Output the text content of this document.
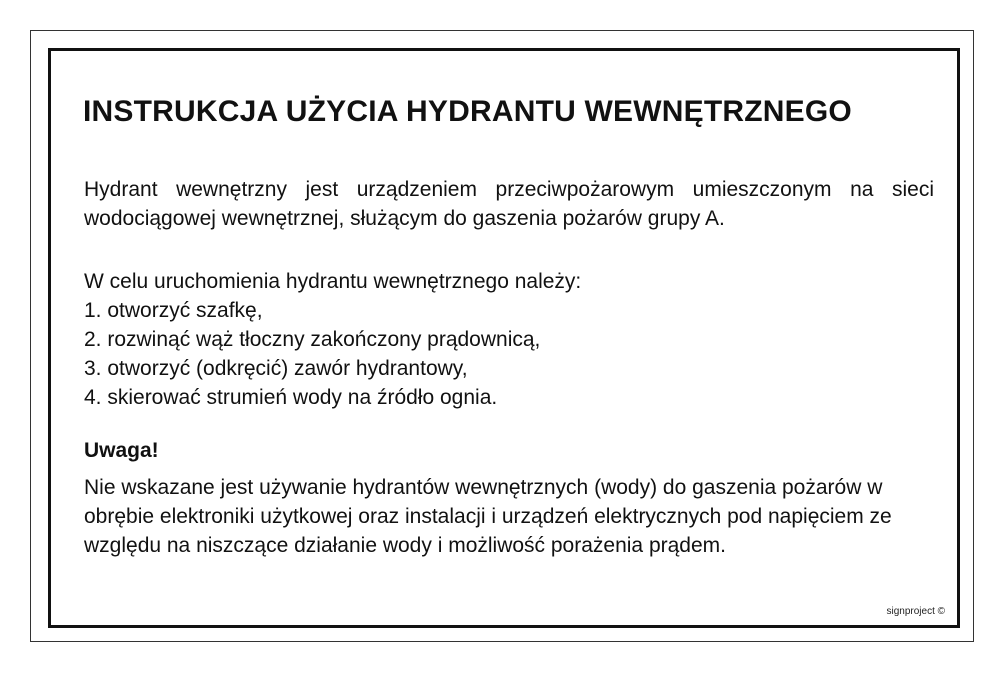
INSTRUKCJA UŻYCIA HYDRANTU WEWNĘTRZNEGO

Hydrant wewnętrzny jest urządzeniem przeciwpożarowym umieszczonym na sieci wodociągowej wewnętrznej, służącym do gaszenia pożarów grupy A.

W celu uruchomienia hydrantu wewnętrznego należy:

1. otworzyć szafkę,
2. rozwinąć wąż tłoczny zakończony prądownicą,
3. otworzyć (odkręcić) zawór hydrantowy,
4. skierować strumień wody na źródło ognia.
Uwaga!

Nie wskazane jest używanie hydrantów wewnętrznych (wody) do gaszenia pożarów w obrębie elektroniki użytkowej oraz instalacji i urządzeń elektrycznych pod napięciem ze względu na niszczące działanie wody i możliwość porażenia prądem.

signproject ©
